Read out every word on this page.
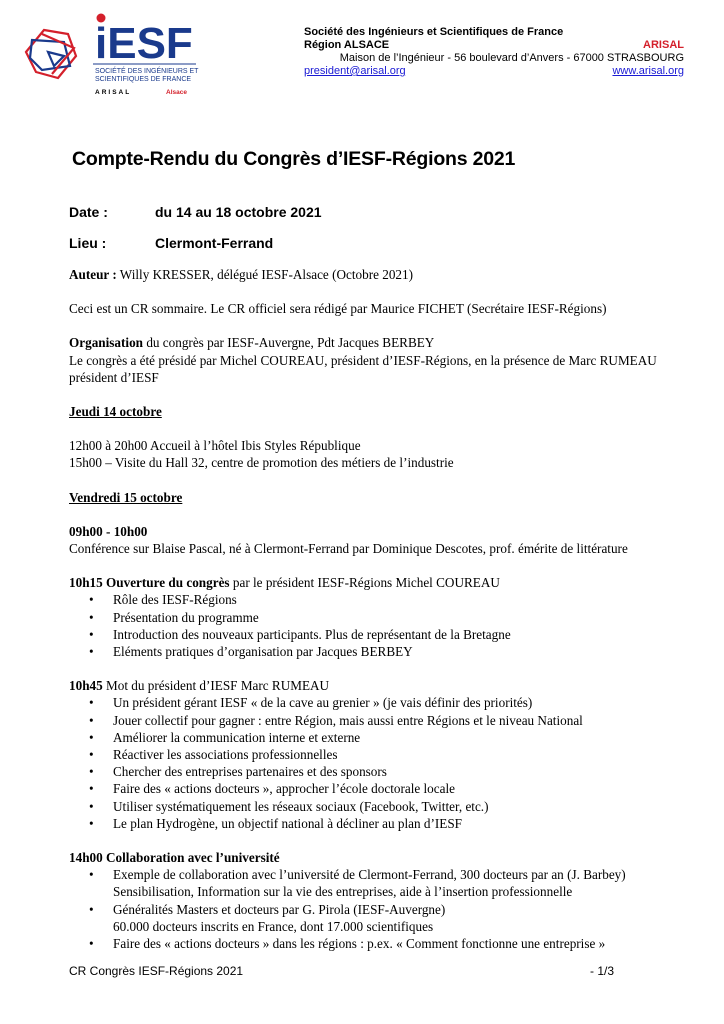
iESF
SOCIÉTÉ DES INGÉNIEURS ET
SCIENTIFIQUES DE FRANCE
ARISAL	Alsace
Société des Ingénieurs et Scientifiques de France
Région ALSACE	ARISAL
Maison de l’Ingénieur - 56 boulevard d’Anvers - 67000 STRASBOURG
president@arisal.org	www.arisal.org
Compte-Rendu du Congrès d’IESF-Régions 2021
Date :	du 14 au 18 octobre 2021
Lieu :	Clermont-Ferrand

Auteur : Willy KRESSER, délégué IESF-Alsace (Octobre 2021)

Ceci est un CR sommaire. Le CR officiel sera rédigé par Maurice FICHET (Secrétaire IESF-Régions)

Organisation du congrès par IESF-Auvergne, Pdt Jacques BERBEY

Le congrès a été présidé par Michel COUREAU, président d’IESF-Régions, en la présence de Marc RUMEAU président d’IESF

Jeudi 14 octobre

12h00 à 20h00 Accueil à l’hôtel Ibis Styles République

15h00 – Visite du Hall 32, centre de promotion des métiers de l’industrie

Vendredi 15 octobre

09h00 - 10h00

Conférence sur Blaise Pascal, né à Clermont-Ferrand par Dominique Descotes, prof. émérite de littérature

10h15 Ouverture du congrès par le président IESF-Régions Michel COUREAU

• Rôle des IESF-Régions
• Présentation du programme
• Introduction des nouveaux participants. Plus de représentant de la Bretagne
• Eléments pratiques d’organisation par Jacques BERBEY

10h45 Mot du président d’IESF Marc RUMEAU

• Un président gérant IESF « de la cave au grenier » (je vais définir des priorités)
• Jouer collectif pour gagner : entre Région, mais aussi entre Régions et le niveau National
• Améliorer la communication interne et externe
• Réactiver les associations professionnelles
• Chercher des entreprises partenaires et des sponsors
• Faire des « actions docteurs », approcher l’école doctorale locale
• Utiliser systématiquement les réseaux sociaux (Facebook, Twitter, etc.)
• Le plan Hydrogène, un objectif national à décliner au plan d’IESF

14h00 Collaboration avec l’université

• Exemple de collaboration avec l’université de Clermont-Ferrand, 300 docteurs par an (J. Barbey) Sensibilisation, Information sur la vie des entreprises, aide à l’insertion professionnelle
• Généralités Masters et docteurs par G. Pirola (IESF-Auvergne)
60.000 docteurs inscrits en France, dont 17.000 scientifiques
• Faire des « actions docteurs » dans les régions : p.ex. « Comment fonctionne une entreprise »
CR Congrès IESF-Régions 2021	- 1/3
